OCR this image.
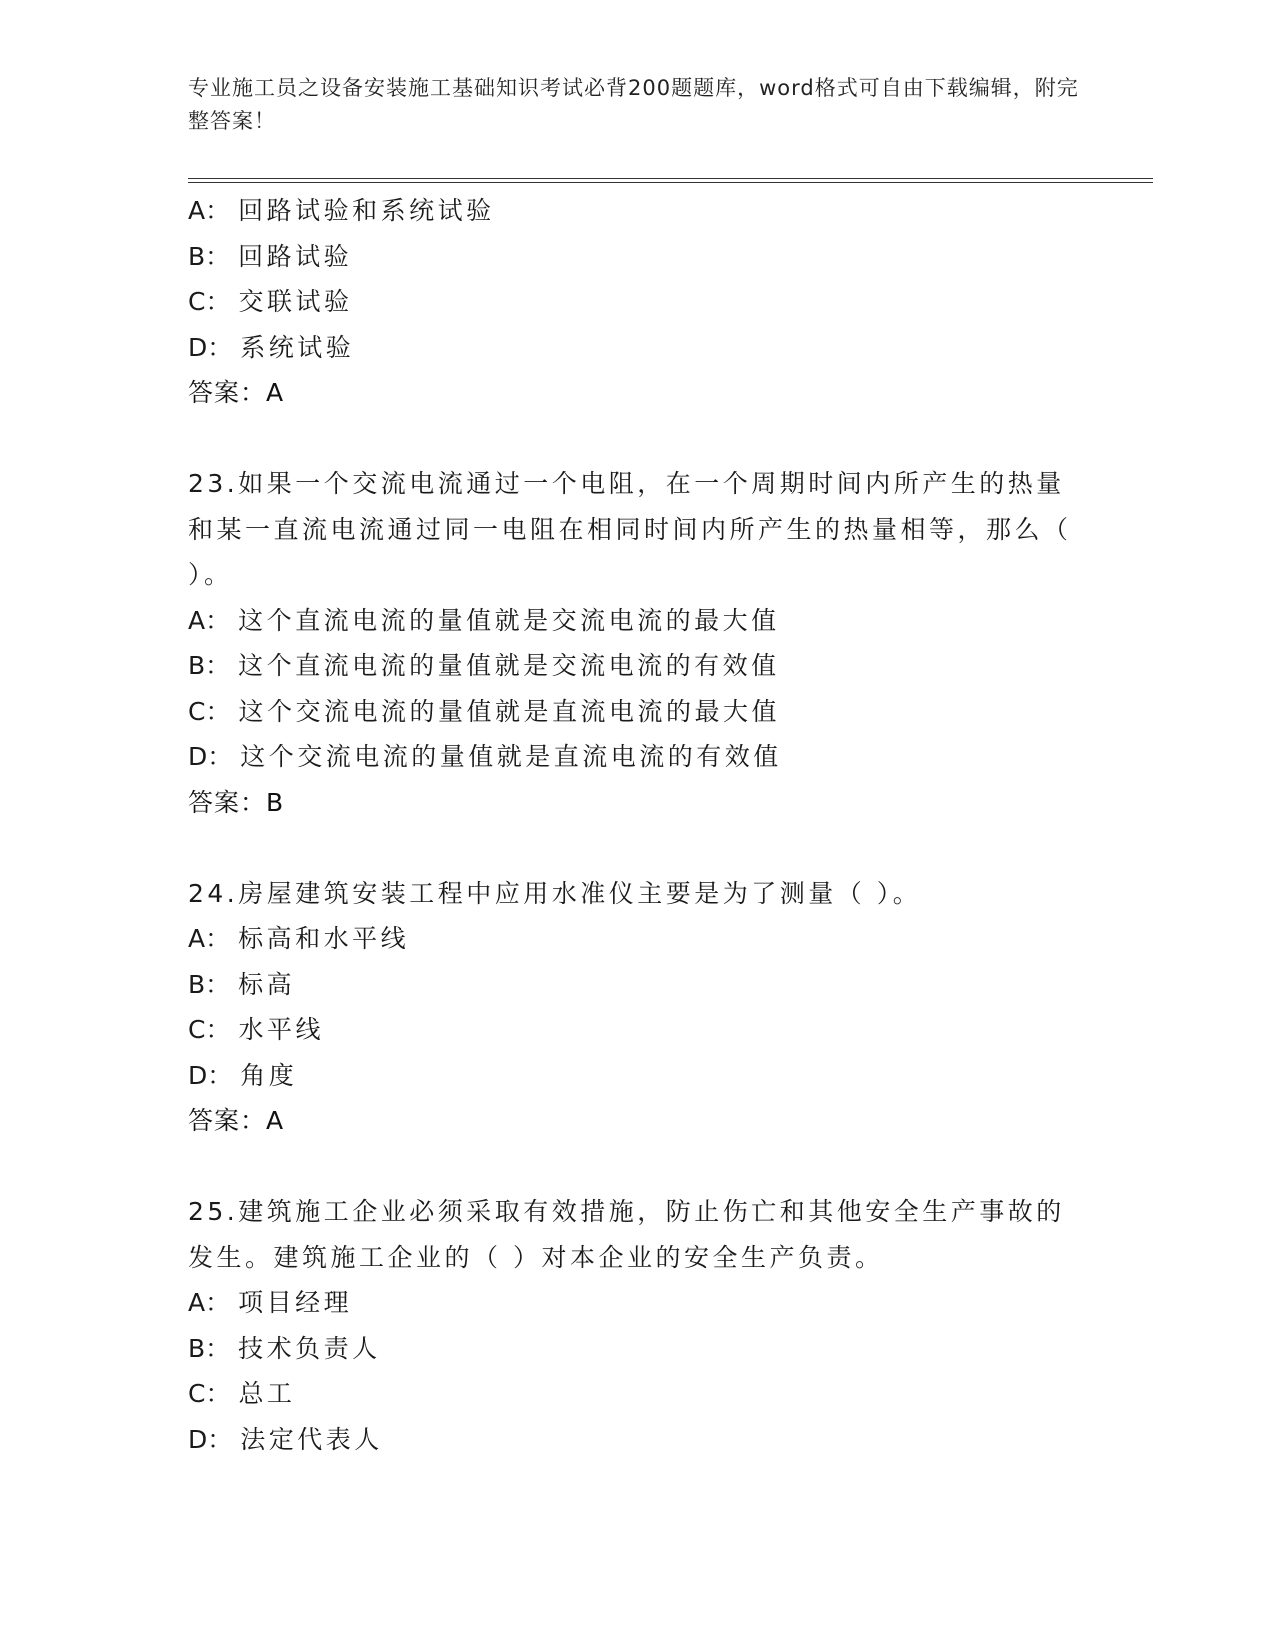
专业施工员之设备安装施工基础知识考试必背200题题库，word格式可自由下载编辑，附完整答案！
A： 回路试验和系统试验
B： 回路试验
C： 交联试验
D： 系统试验
答案：A
23.如果一个交流电流通过一个电阻，在一个周期时间内所产生的热量和某一直流电流通过同一电阻在相同时间内所产生的热量相等，那么（ ）。
A： 这个直流电流的量值就是交流电流的最大值
B： 这个直流电流的量值就是交流电流的有效值
C： 这个交流电流的量值就是直流电流的最大值
D： 这个交流电流的量值就是直流电流的有效值
答案：B
24.房屋建筑安装工程中应用水准仪主要是为了测量（ ）。
A： 标高和水平线
B： 标高
C： 水平线
D： 角度
答案：A
25.建筑施工企业必须采取有效措施，防止伤亡和其他安全生产事故的发生。建筑施工企业的（ ）对本企业的安全生产负责。
A： 项目经理
B： 技术负责人
C： 总工
D： 法定代表人
